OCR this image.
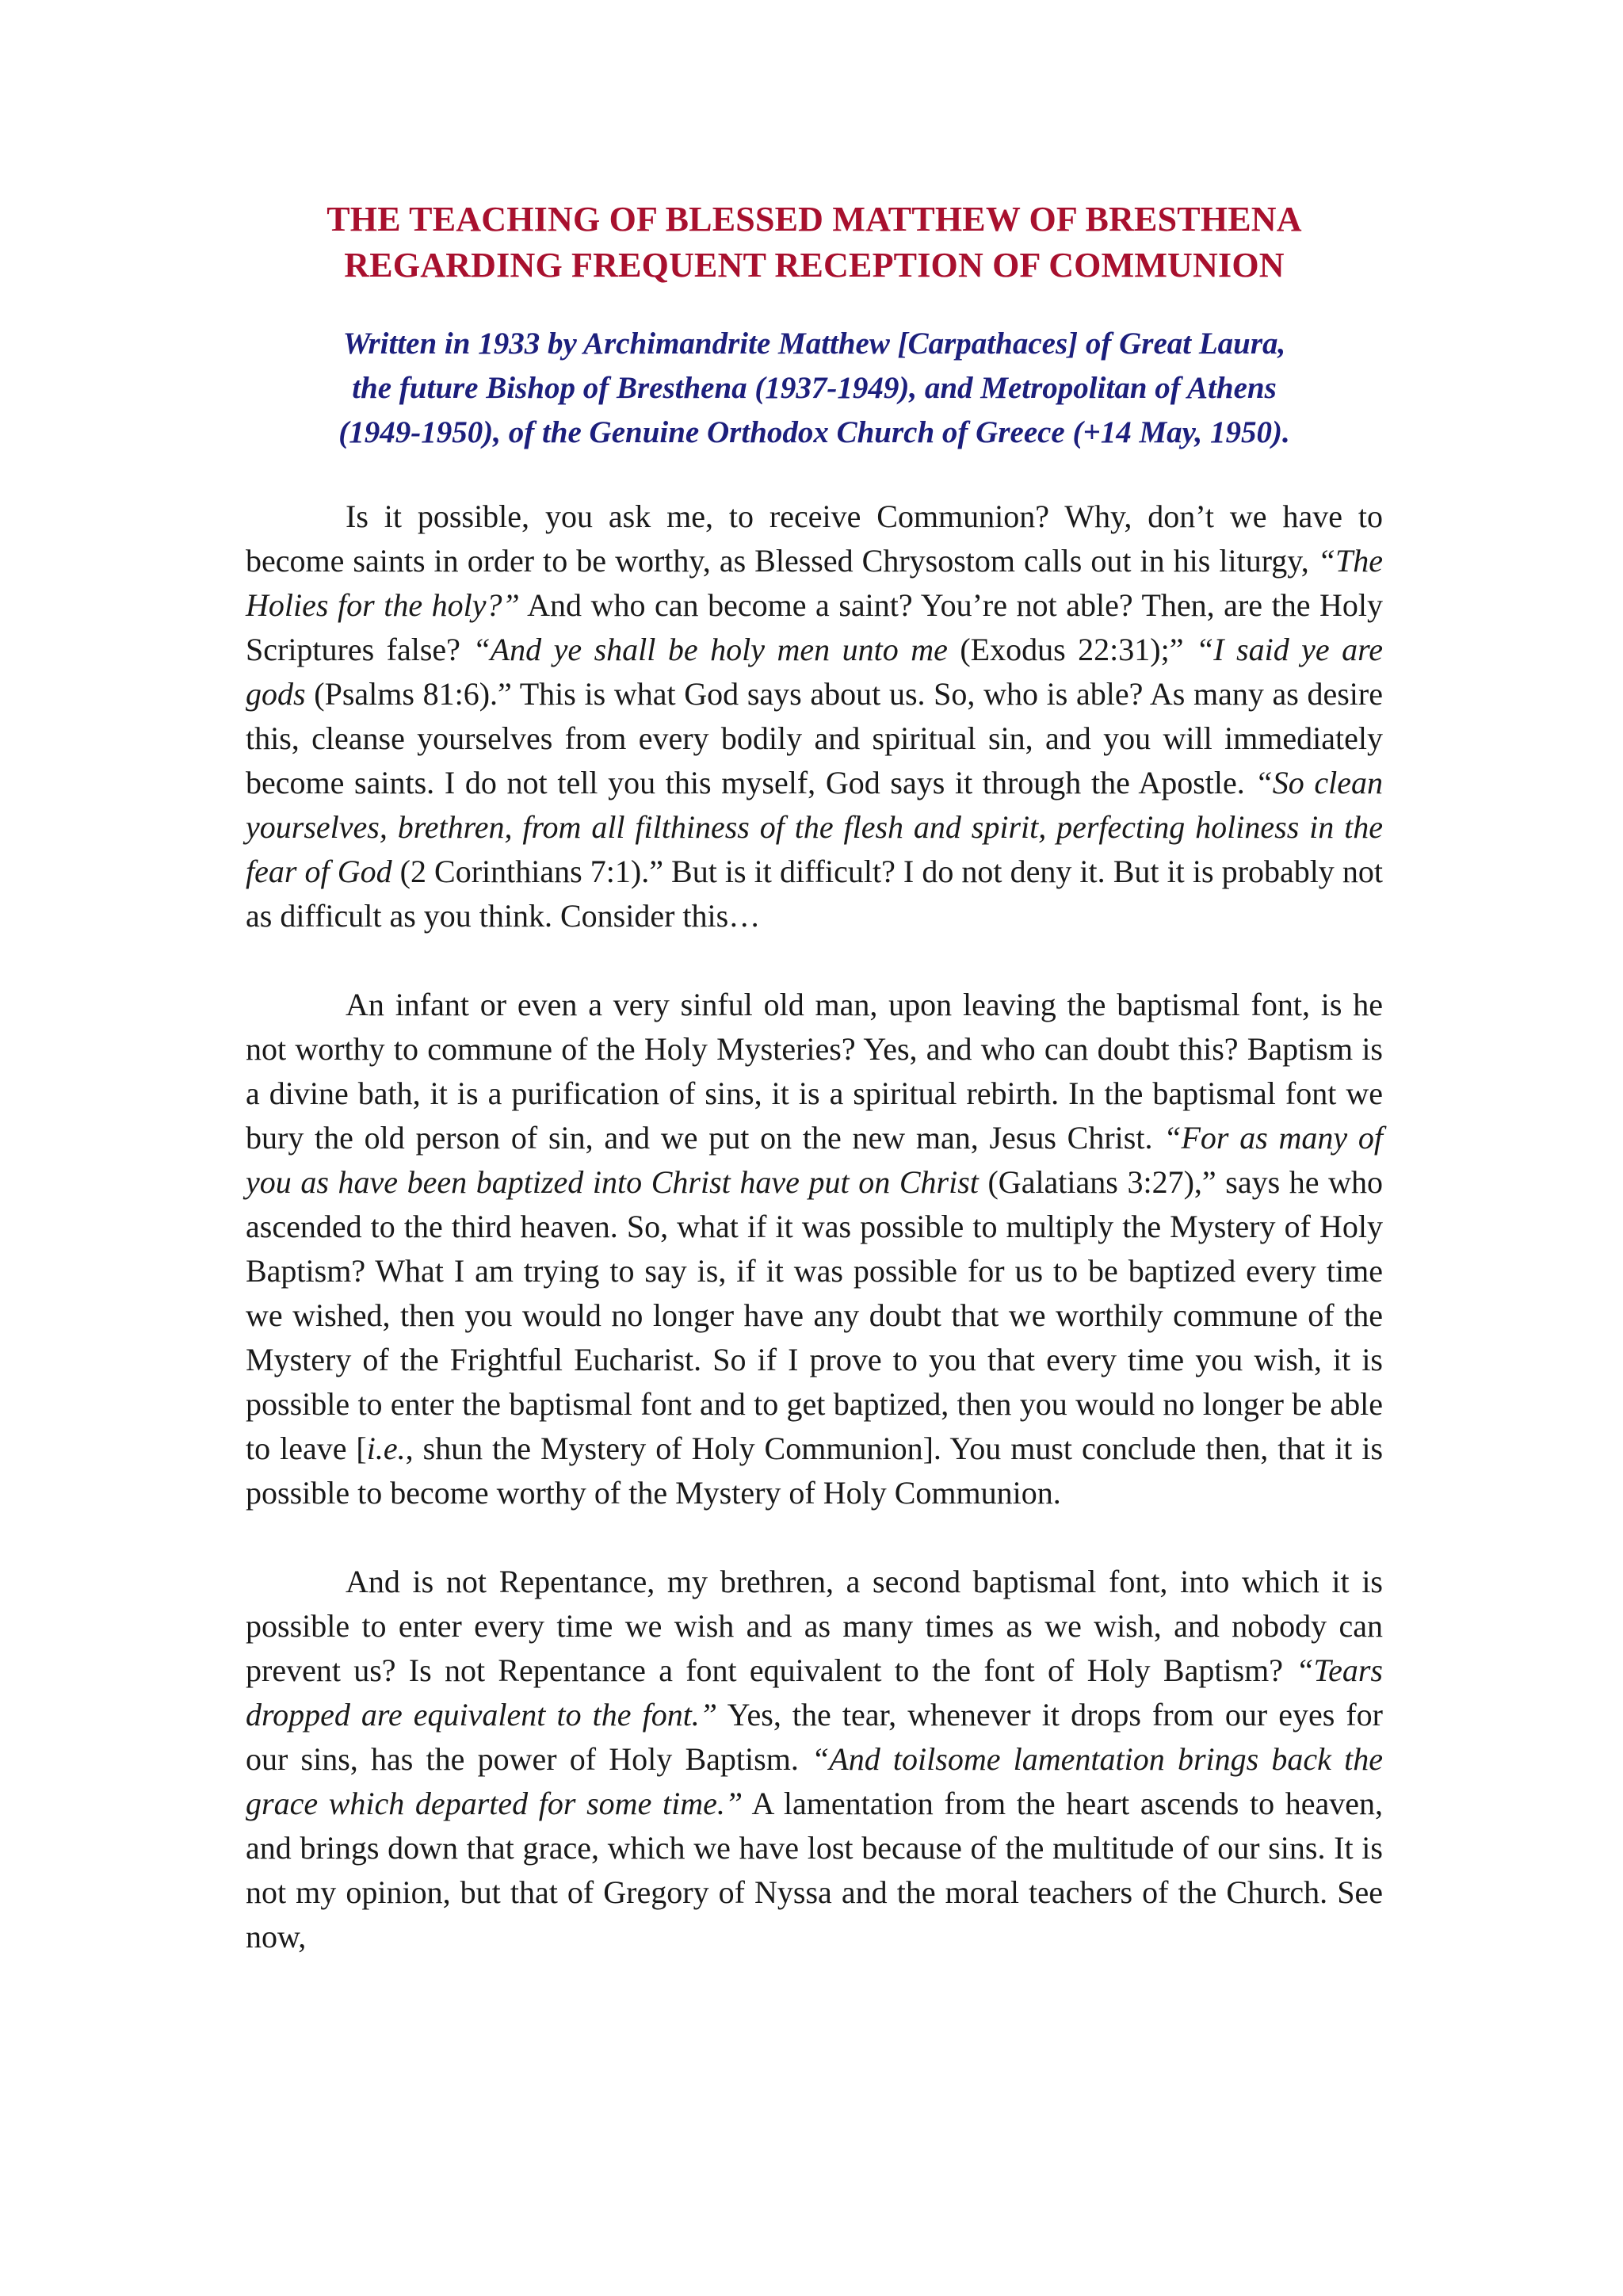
THE TEACHING OF BLESSED MATTHEW OF BRESTHENA
REGARDING FREQUENT RECEPTION OF COMMUNION

Written in 1933 by Archimandrite Matthew [Carpathaces] of Great Laura,
the future Bishop of Bresthena (1937-1949), and Metropolitan of Athens
(1949-1950), of the Genuine Orthodox Church of Greece (+14 May, 1950).

Is it possible, you ask me, to receive Communion? Why, don’t we have to become saints in order to be worthy, as Blessed Chrysostom calls out in his liturgy, “The Holies for the holy?” And who can become a saint? You’re not able? Then, are the Holy Scriptures false? “And ye shall be holy men unto me (Exodus 22:31);” “I said ye are gods (Psalms 81:6).” This is what God says about us. So, who is able? As many as desire this, cleanse yourselves from every bodily and spiritual sin, and you will immediately become saints. I do not tell you this myself, God says it through the Apostle. “So clean yourselves, brethren, from all filthiness of the flesh and spirit, perfecting holiness in the fear of God (2 Corinthians 7:1).” But is it difficult? I do not deny it. But it is probably not as difficult as you think. Consider this…

An infant or even a very sinful old man, upon leaving the baptismal font, is he not worthy to commune of the Holy Mysteries? Yes, and who can doubt this? Baptism is a divine bath, it is a purification of sins, it is a spiritual rebirth. In the baptismal font we bury the old person of sin, and we put on the new man, Jesus Christ. “For as many of you as have been baptized into Christ have put on Christ (Galatians 3:27),” says he who ascended to the third heaven. So, what if it was possible to multiply the Mystery of Holy Baptism? What I am trying to say is, if it was possible for us to be baptized every time we wished, then you would no longer have any doubt that we worthily commune of the Mystery of the Frightful Eucharist. So if I prove to you that every time you wish, it is possible to enter the baptismal font and to get baptized, then you would no longer be able to leave [i.e., shun the Mystery of Holy Communion]. You must conclude then, that it is possible to become worthy of the Mystery of Holy Communion.

And is not Repentance, my brethren, a second baptismal font, into which it is possible to enter every time we wish and as many times as we wish, and nobody can prevent us? Is not Repentance a font equivalent to the font of Holy Baptism? “Tears dropped are equivalent to the font.” Yes, the tear, whenever it drops from our eyes for our sins, has the power of Holy Baptism. “And toilsome lamentation brings back the grace which departed for some time.” A lamentation from the heart ascends to heaven, and brings down that grace, which we have lost because of the multitude of our sins. It is not my opinion, but that of Gregory of Nyssa and the moral teachers of the Church. See now,
